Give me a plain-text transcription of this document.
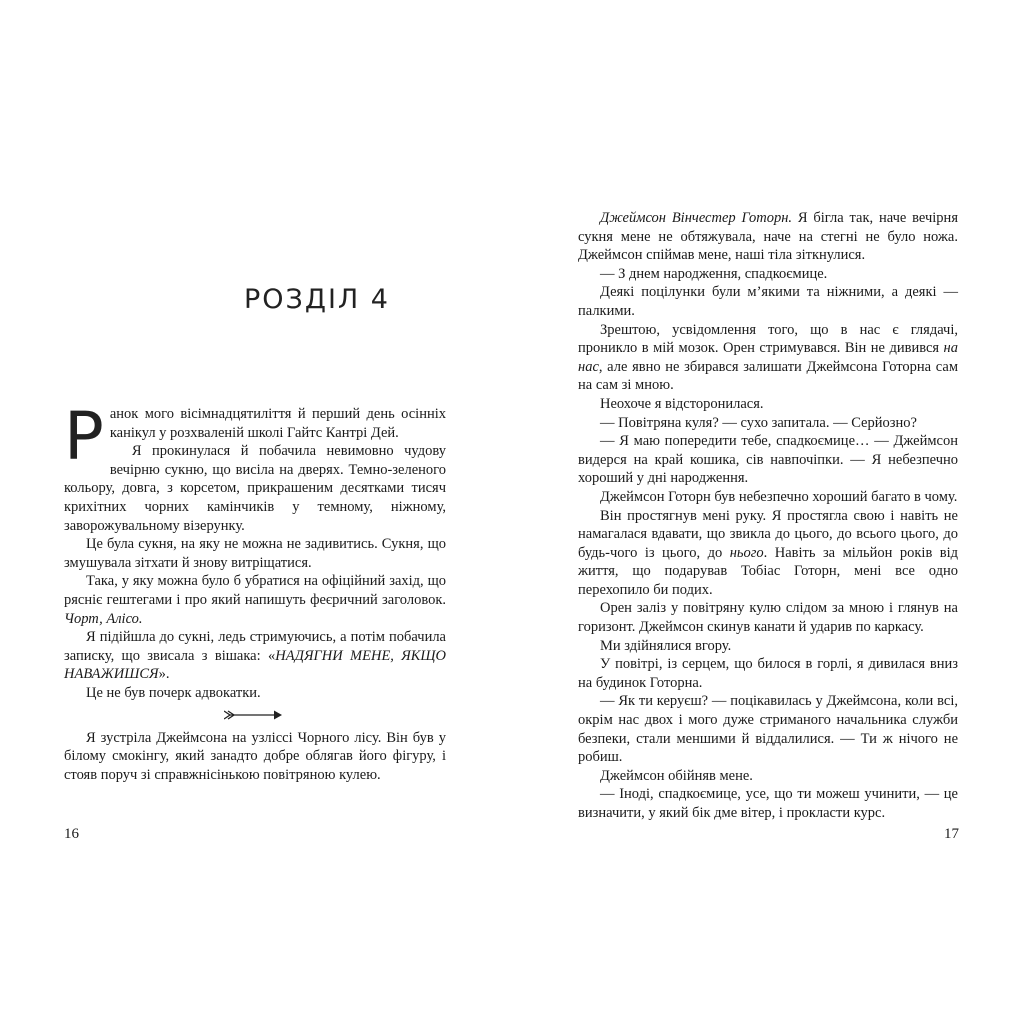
РОЗДІЛ 4

Ранок мого вісімнадцятиліття й перший день осінніх канікул у розхваленій школі Гайтс Кантрі Дей.

Я прокинулася й побачила невимовно чудову вечірню сукню, що висіла на дверях. Темно-зеленого кольору, довга, з корсетом, прикрашеним десятками тисяч крихітних чорних камінчиків у темному, ніжному, заворожувальному візерунку.

Це була сукня, на яку не можна не задивитись. Сукня, що змушувала зітхати й знову витріщатися.

Така, у яку можна було б убратися на офіційний захід, що рясніє гештегами і про який напишуть феєричний заголовок. Чорт, Алісо.

Я підійшла до сукні, ледь стримуючись, а потім побачила записку, що звисала з вішака: «НАДЯГНИ МЕНЕ, ЯКЩО НАВАЖИШСЯ».

Це не був почерк адвокатки.

Я зустріла Джеймсона на узліссі Чорного лісу. Він був у білому смокінгу, який занадто добре облягав його фігуру, і стояв поруч зі справжнісінькою повітряною кулею.

16

Джеймсон Вінчестер Готорн. Я бігла так, наче вечірня сукня мене не обтяжувала, наче на стегні не було ножа. Джеймсон спіймав мене, наші тіла зіткнулися.

— З днем народження, спадкоємице.

Деякі поцілунки були м’якими та ніжними, а деякі — палкими.

Зрештою, усвідомлення того, що в нас є глядачі, проникло в мій мозок. Орен стримувався. Він не дивився на нас, але явно не збирався залишати Джеймсона Готорна сам на сам зі мною.

Неохоче я відсторонилася.

— Повітряна куля? — сухо запитала. — Серйозно?

— Я маю попередити тебе, спадкоємице… — Джеймсон видерся на край кошика, сів навпочіпки. — Я небезпечно хороший у дні народження.

Джеймсон Готорн був небезпечно хороший багато в чому.

Він простягнув мені руку. Я простягла свою і навіть не намагалася вдавати, що звикла до цього, до всього цього, до будь-чого із цього, до нього. Навіть за мільйон років від життя, що подарував Тобіас Готорн, мені все одно перехопило би подих.

Орен заліз у повітряну кулю слідом за мною і глянув на горизонт. Джеймсон скинув канати й ударив по каркасу.

Ми здійнялися вгору.

У повітрі, із серцем, що билося в горлі, я дивилася вниз на будинок Готорна.

— Як ти керуєш? — поцікавилась у Джеймсона, коли всі, окрім нас двох і мого дуже стриманого начальника служби безпеки, стали меншими й віддалилися. — Ти ж нічого не робиш.

Джеймсон обійняв мене.

— Іноді, спадкоємице, усе, що ти можеш учинити, — це визначити, у який бік дме вітер, і прокласти курс.

17
